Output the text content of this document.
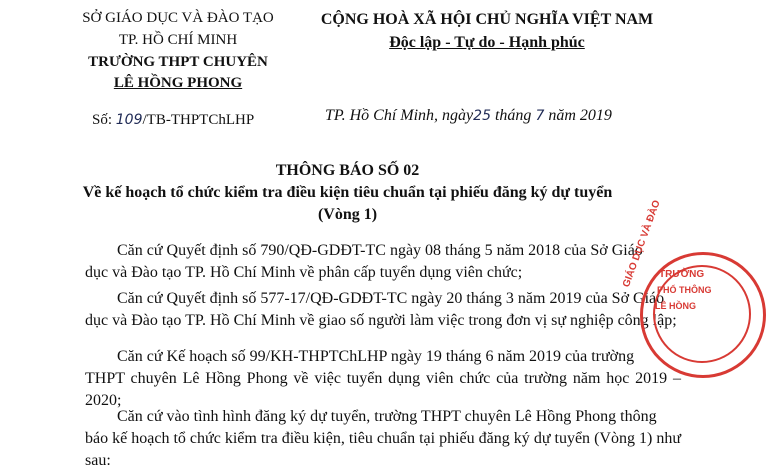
SỞ GIÁO DỤC VÀ ĐÀO TẠO
TP. HỒ CHÍ MINH
TRƯỜNG THPT CHUYÊN
LÊ HỒNG PHONG
Số: 109/TB-THPTChLHP
CỘNG HOÀ XÃ HỘI CHỦ NGHĨA VIỆT NAM
Độc lập - Tự do - Hạnh phúc
TP. Hồ Chí Minh, ngày25 tháng 7 năm 2019
THÔNG BÁO SỐ 02
Về kế hoạch tổ chức kiểm tra điều kiện tiêu chuẩn tại phiếu đăng ký dự tuyển
(Vòng 1)
Căn cứ Quyết định số 790/QĐ-GDĐT-TC ngày 08 tháng 5 năm 2018 của Sở Giáo
dục và Đào tạo TP. Hồ Chí Minh về phân cấp tuyển dụng viên chức;
Căn cứ Quyết định số 577-17/QĐ-GDĐT-TC ngày 20 tháng 3 năm 2019 của Sở Giáo
dục và Đào tạo TP. Hồ Chí Minh về giao số người làm việc trong đơn vị sự nghiệp công lập;
Căn cứ Kế hoạch số 99/KH-THPTChLHP ngày 19 tháng 6 năm 2019 của trường
THPT chuyên Lê Hồng Phong về việc tuyển dụng viên chức của trường năm học 2019 – 2020;
Căn cứ vào tình hình đăng ký dự tuyển, trường THPT chuyên Lê Hồng Phong thông
báo kế hoạch tổ chức kiểm tra điều kiện, tiêu chuẩn tại phiếu đăng ký dự tuyển (Vòng 1) như sau:
GIÁO DỤC VÀ ĐÀO
TRƯỜNG
PHỔ THÔNG
LÊ HỒNG
